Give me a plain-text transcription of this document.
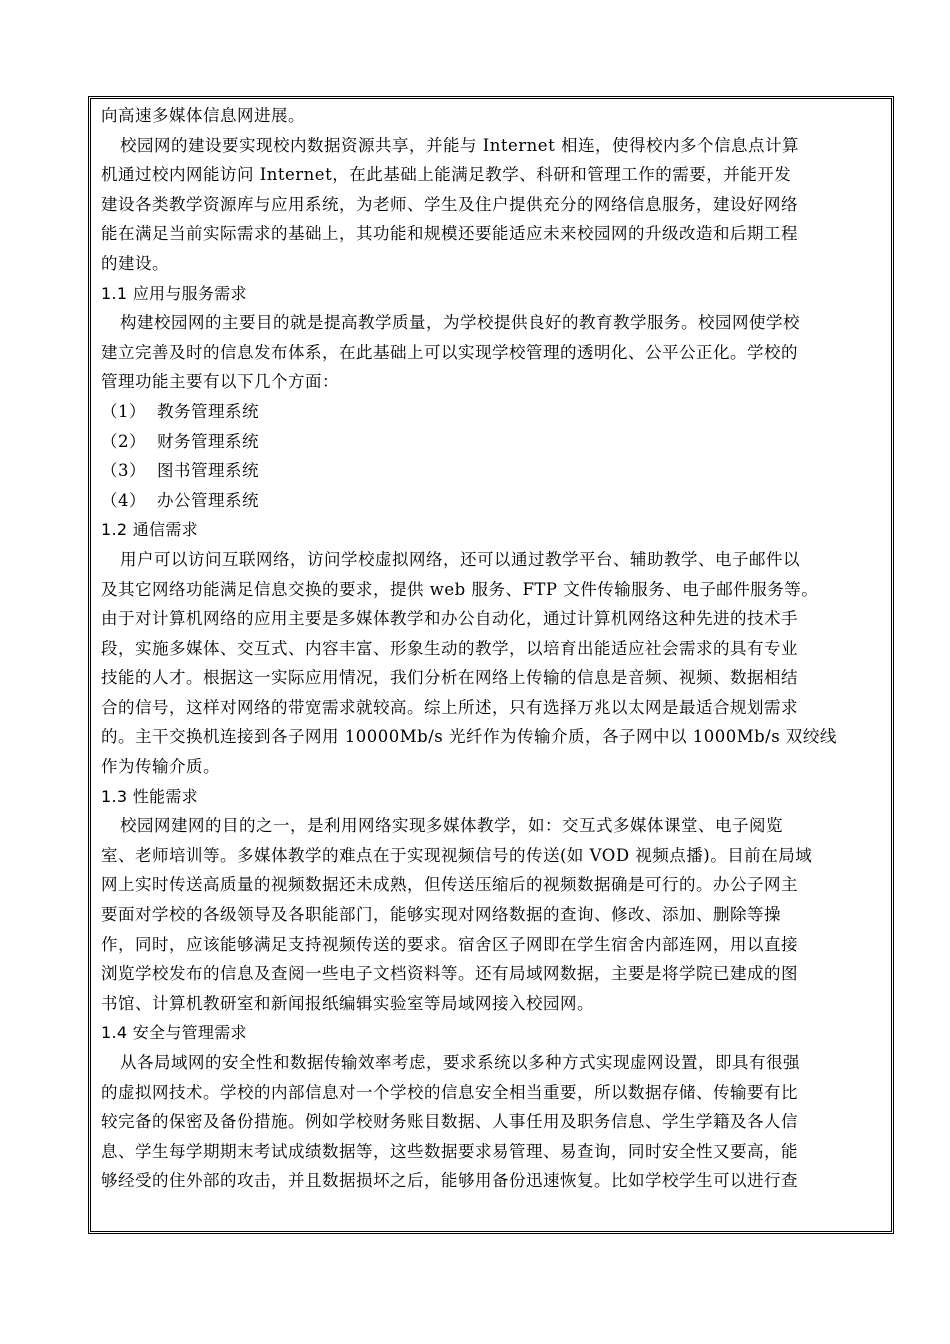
向高速多媒体信息网进展。
校园网的建设要实现校内数据资源共享，并能与 Internet 相连，使得校内多个信息点计算
机通过校内网能访问 Internet，在此基础上能满足教学、科研和管理工作的需要，并能开发
建设各类教学资源库与应用系统，为老师、学生及住户提供充分的网络信息服务，建设好网络
能在满足当前实际需求的基础上，其功能和规模还要能适应未来校园网的升级改造和后期工程
的建设。
1.1 应用与服务需求
构建校园网的主要目的就是提高教学质量，为学校提供良好的教育教学服务。校园网使学校
建立完善及时的信息发布体系，在此基础上可以实现学校管理的透明化、公平公正化。学校的
管理功能主要有以下几个方面：
（1） 教务管理系统
（2） 财务管理系统
（3） 图书管理系统
（4） 办公管理系统
1.2 通信需求
用户可以访问互联网络，访问学校虚拟网络，还可以通过教学平台、辅助教学、电子邮件以
及其它网络功能满足信息交换的要求，提供 web 服务、FTP 文件传输服务、电子邮件服务等。
由于对计算机网络的应用主要是多媒体教学和办公自动化，通过计算机网络这种先进的技术手
段，实施多媒体、交互式、内容丰富、形象生动的教学，以培育出能适应社会需求的具有专业
技能的人才。根据这一实际应用情况，我们分析在网络上传输的信息是音频、视频、数据相结
合的信号，这样对网络的带宽需求就较高。综上所述，只有选择万兆以太网是最适合规划需求
的。主干交换机连接到各子网用 10000Mb/s 光纤作为传输介质，各子网中以 1000Mb/s 双绞线
作为传输介质。
1.3 性能需求
校园网建网的目的之一，是利用网络实现多媒体教学，如：交互式多媒体课堂、电子阅览
室、老师培训等。多媒体教学的难点在于实现视频信号的传送(如 VOD 视频点播)。目前在局域
网上实时传送高质量的视频数据还未成熟，但传送压缩后的视频数据确是可行的。办公子网主
要面对学校的各级领导及各职能部门，能够实现对网络数据的查询、修改、添加、删除等操
作，同时，应该能够满足支持视频传送的要求。宿舍区子网即在学生宿舍内部连网，用以直接
浏览学校发布的信息及查阅一些电子文档资料等。还有局域网数据，主要是将学院已建成的图
书馆、计算机教研室和新闻报纸编辑实验室等局域网接入校园网。
1.4 安全与管理需求
从各局域网的安全性和数据传输效率考虑，要求系统以多种方式实现虚网设置，即具有很强
的虚拟网技术。学校的内部信息对一个学校的信息安全相当重要，所以数据存储、传输要有比
较完备的保密及备份措施。例如学校财务账目数据、人事任用及职务信息、学生学籍及各人信
息、学生每学期期末考试成绩数据等，这些数据要求易管理、易查询，同时安全性又要高，能
够经受的住外部的攻击，并且数据损坏之后，能够用备份迅速恢复。比如学校学生可以进行查
